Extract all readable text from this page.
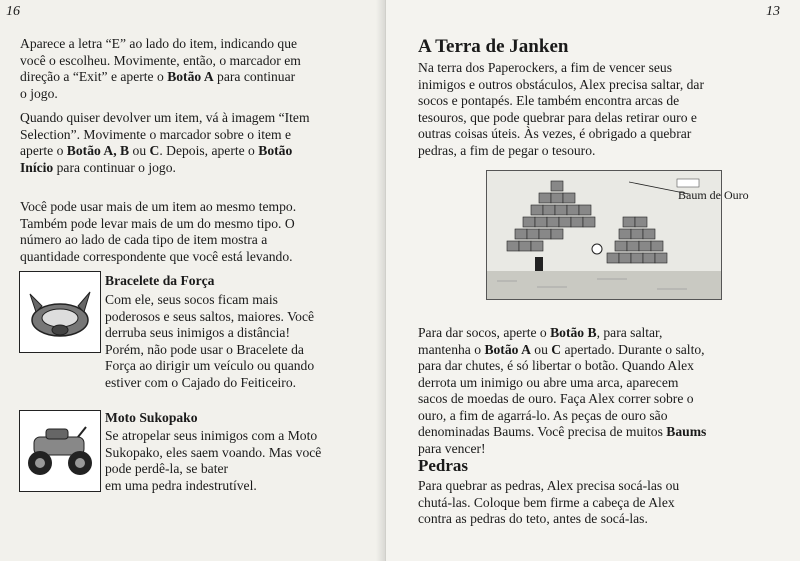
16
Aparece a letra “E” ao lado do item, indicando que
você o escolheu. Movimente, então, o marcador em
direção a “Exit” e aperte o Botão A para continuar
o jogo.
Quando quiser devolver um item, vá à imagem “Item
Selection”. Movimente o marcador sobre o item e
aperte o Botão A, B ou C. Depois, aperte o Botão
Início para continuar o jogo.
Você pode usar mais de um item ao mesmo tempo.
Também pode levar mais de um do mesmo tipo. O
número ao lado de cada tipo de item mostra a
quantidade correspondente que você está levando.
Bracelete da Força
Com ele, seus socos ficam mais
poderosos e seus saltos, maiores. Você
derruba seus inimigos a distância!
Porém, não pode usar o Bracelete da
Força ao dirigir um veículo ou quando
estiver com o Cajado do Feiticeiro.
Moto Sukopako
Se atropelar seus inimigos com a Moto
Sukopako, eles saem voando. Mas você
pode perdê-la, se bater
em uma pedra indestrutível.
13
A Terra de Janken
Na terra dos Paperockers, a fim de vencer seus
inimigos e outros obstáculos, Alex precisa saltar, dar
socos e pontapés. Ele também encontra arcas de
tesouros, que pode quebrar para delas retirar ouro e
outras coisas úteis. Às vezes, é obrigado a quebrar
pedras, a fim de pegar o tesouro.
Baum de Ouro
Para dar socos, aperte o Botão B, para saltar,
mantenha o Botão A ou C apertado. Durante o salto,
para dar chutes, é só libertar o botão. Quando Alex
derrota um inimigo ou abre uma arca, aparecem
sacos de moedas de ouro. Faça Alex correr sobre o
ouro, a fim de agarrá-lo. As peças de ouro são
denominadas Baums. Você precisa de muitos Baums
para vencer!
Pedras
Para quebrar as pedras, Alex precisa socá-las ou
chutá-las. Coloque bem firme a cabeça de Alex
contra as pedras do teto, antes de socá-las.
